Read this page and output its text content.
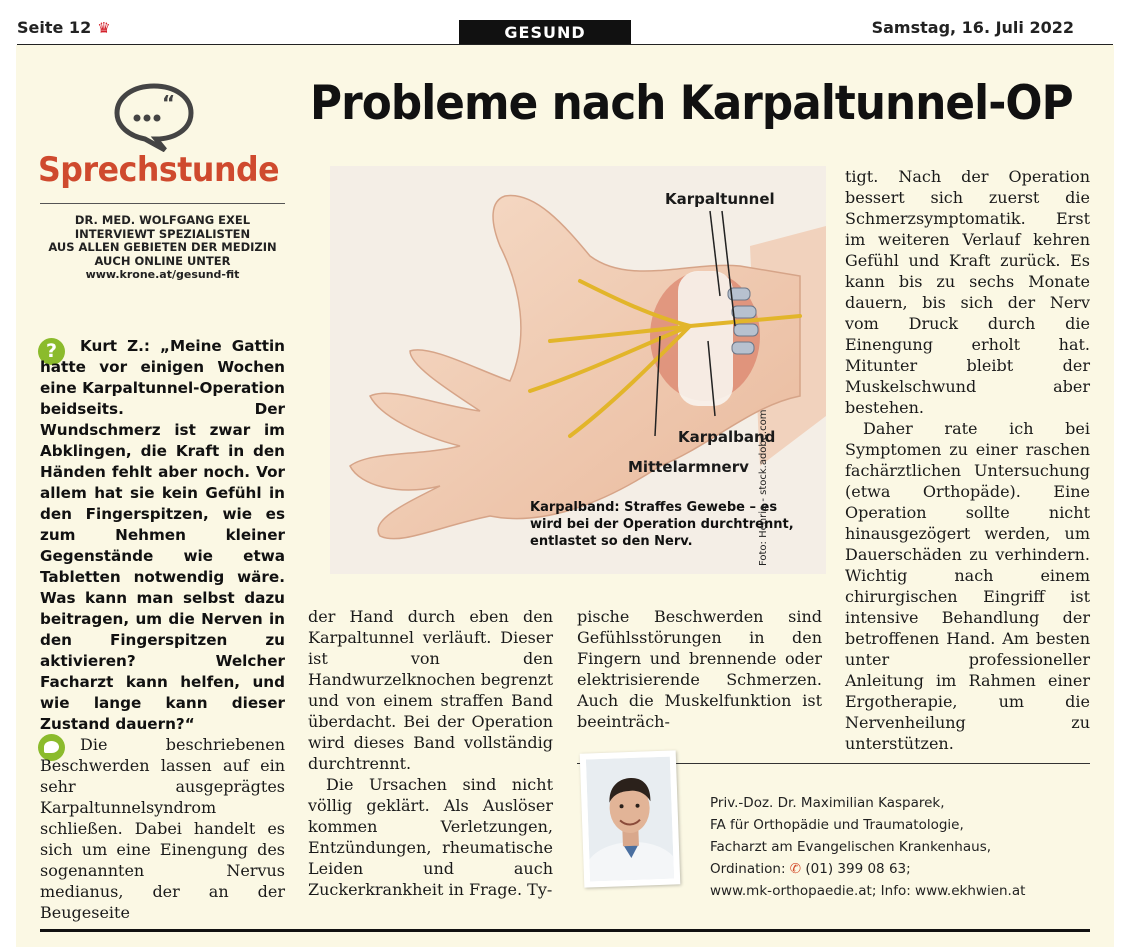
Seite 12 ♛	GESUND	Samstag, 16. Juli 2022
“
Sprechstunde
DR. MED. WOLFGANG EXEL
INTERVIEWT SPEZIALISTEN
AUS ALLEN GEBIETEN DER MEDIZIN
AUCH ONLINE UNTER
www.krone.at/gesund-fit
?	Kurt Z.: „Meine Gattin hatte vor einigen Wochen eine Karpaltunnel-Operation beidseits. Der Wundschmerz ist zwar im Abklingen, die Kraft in den Händen fehlt aber noch. Vor allem hat sie kein Gefühl in den Fingerspitzen, wie es zum Nehmen kleiner Gegenstände wie etwa Tabletten notwendig wäre. Was kann man selbst dazu beitragen, um die Nerven in den Fingerspitzen zu aktivieren? Welcher Facharzt kann helfen, und wie lange kann dieser Zustand dauern?“

Die beschriebenen Beschwerden lassen auf ein sehr ausgeprägtes Karpaltunnelsyndrom schließen. Dabei handelt es sich um eine Einengung des sogenannten Nervus medianus, der an der Beugeseite

Probleme nach Karpaltunnel-OP
Karpaltunnel
Karpalband
Mittelarmnerv
Karpalband: Straffes Gewebe – es wird bei der Operation durchtrennt, entlastet so den Nerv.	Foto: Henrie - stock.adobe.com

der Hand durch eben den Karpaltunnel verläuft. Dieser ist von den Handwurzelknochen begrenzt und von einem straffen Band überdacht. Bei der Operation wird dieses Band vollständig durchtrennt.

Die Ursachen sind nicht völlig geklärt. Als Auslöser kommen Verletzungen, Entzündungen, rheumatische Leiden und auch Zuckerkrankheit in Frage. Ty-

pische Beschwerden sind Gefühlsstörungen in den Fingern und brennende oder elektrisierende Schmerzen. Auch die Muskelfunktion ist beeinträch-

tigt. Nach der Operation bessert sich zuerst die Schmerzsymptomatik. Erst im weiteren Verlauf kehren Gefühl und Kraft zurück. Es kann bis zu sechs Monate dauern, bis sich der Nerv vom Druck durch die Einengung erholt hat. Mitunter bleibt der Muskelschwund aber bestehen.

Daher rate ich bei Symptomen zu einer raschen fachärztlichen Untersuchung (etwa Orthopäde). Eine Operation sollte nicht hinausgezögert werden, um Dauerschäden zu verhindern. Wichtig nach einem chirurgischen Eingriff ist intensive Behandlung der betroffenen Hand. Am besten unter professioneller Anleitung im Rahmen einer Ergotherapie, um die Nervenheilung zu unterstützen.

Priv.-Doz. Dr. Maximilian Kasparek,
FA für Orthopädie und Traumatologie,
Facharzt am Evangelischen Krankenhaus,
Ordination: ✆ (01) 399 08 63;
www.mk-orthopaedie.at; Info: www.ekhwien.at
